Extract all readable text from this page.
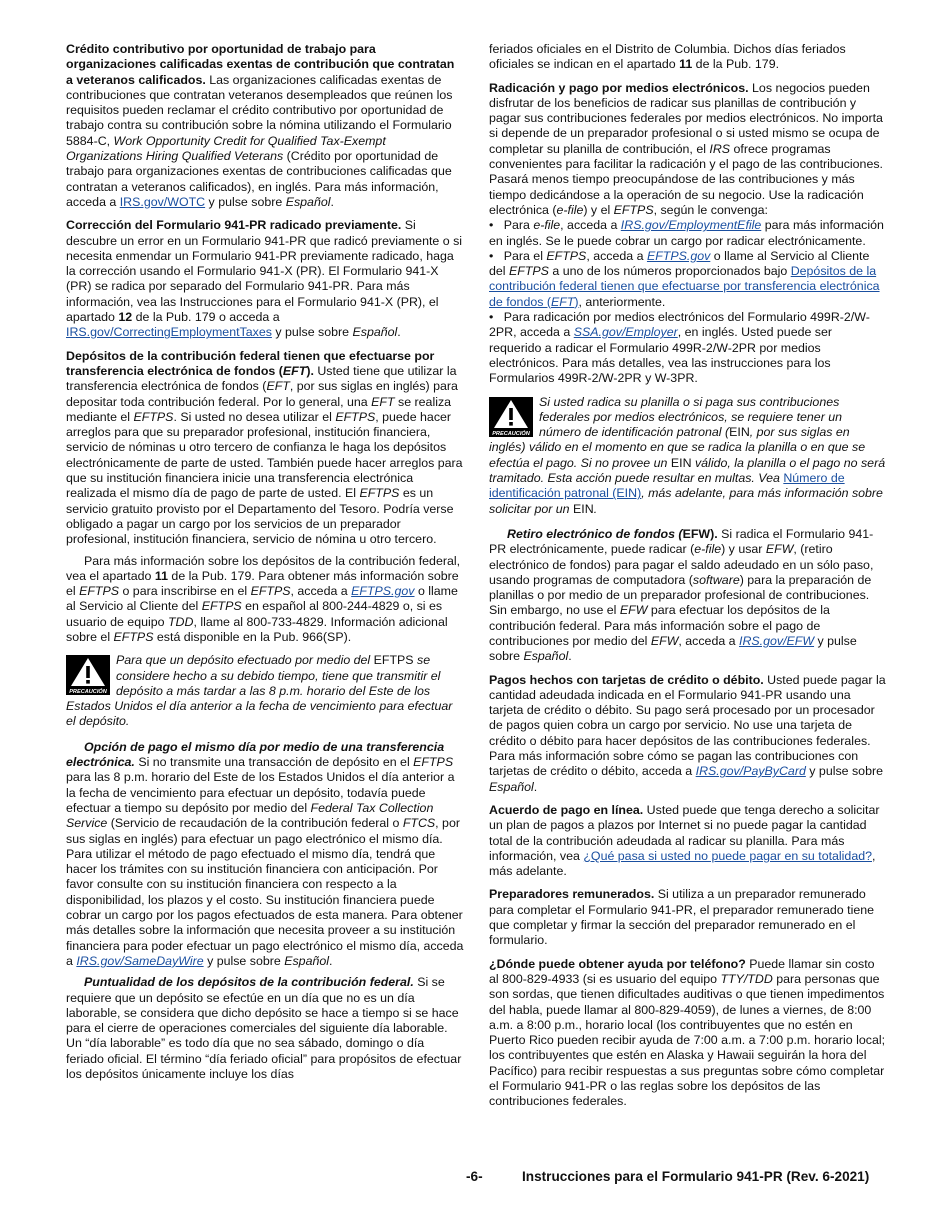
Crédito contributivo por oportunidad de trabajo para organizaciones calificadas exentas de contribución que contratan a veteranos calificados. Las organizaciones calificadas exentas de contribuciones que contratan veteranos desempleados que reúnen los requisitos pueden reclamar el crédito contributivo por oportunidad de trabajo contra su contribución sobre la nómina utilizando el Formulario 5884-C, Work Opportunity Credit for Qualified Tax-Exempt Organizations Hiring Qualified Veterans (Crédito por oportunidad de trabajo para organizaciones exentas de contribuciones calificadas que contratan a veteranos calificados), en inglés. Para más información, acceda a IRS.gov/WOTC y pulse sobre Español.

Corrección del Formulario 941-PR radicado previamente. Si descubre un error en un Formulario 941-PR que radicó previamente o si necesita enmendar un Formulario 941-PR previamente radicado, haga la corrección usando el Formulario 941-X (PR). El Formulario 941-X (PR) se radica por separado del Formulario 941-PR. Para más información, vea las Instrucciones para el Formulario 941-X (PR), el apartado 12 de la Pub. 179 o acceda a IRS.gov/CorrectingEmploymentTaxes y pulse sobre Español.

Depósitos de la contribución federal tienen que efectuarse por transferencia electrónica de fondos (EFT). Usted tiene que utilizar la transferencia electrónica de fondos (EFT, por sus siglas en inglés) para depositar toda contribución federal. Por lo general, una EFT se realiza mediante el EFTPS. Si usted no desea utilizar el EFTPS, puede hacer arreglos para que su preparador profesional, institución financiera, servicio de nóminas u otro tercero de confianza le haga los depósitos electrónicamente de parte de usted. También puede hacer arreglos para que su institución financiera inicie una transferencia electrónica realizada el mismo día de pago de parte de usted. El EFTPS es un servicio gratuito provisto por el Departamento del Tesoro. Podría verse obligado a pagar un cargo por los servicios de un preparador profesional, institución financiera, servicio de nómina u otro tercero.

Para más información sobre los depósitos de la contribución federal, vea el apartado 11 de la Pub. 179. Para obtener más información sobre el EFTPS o para inscribirse en el EFTPS, acceda a EFTPS.gov o llame al Servicio al Cliente del EFTPS en español al 800-244-4829 o, si es usuario de equipo TDD, llame al 800-733-4829. Información adicional sobre el EFTPS está disponible en la Pub. 966(SP).

PRECAUCIÓN
Para que un depósito efectuado por medio del EFTPS se considere hecho a su debido tiempo, tiene que transmitir el depósito a más tardar a las 8 p.m. horario del Este de los Estados Unidos el día anterior a la fecha de vencimiento para efectuar el depósito.

Opción de pago el mismo día por medio de una transferencia electrónica. Si no transmite una transacción de depósito en el EFTPS para las 8 p.m. horario del Este de los Estados Unidos el día anterior a la fecha de vencimiento para efectuar un depósito, todavía puede efectuar a tiempo su depósito por medio del Federal Tax Collection Service (Servicio de recaudación de la contribución federal o FTCS, por sus siglas en inglés) para efectuar un pago electrónico el mismo día. Para utilizar el método de pago efectuado el mismo día, tendrá que hacer los trámites con su institución financiera con anticipación. Por favor consulte con su institución financiera con respecto a la disponibilidad, los plazos y el costo. Su institución financiera puede cobrar un cargo por los pagos efectuados de esta manera. Para obtener más detalles sobre la información que necesita proveer a su institución financiera para poder efectuar un pago electrónico el mismo día, acceda a IRS.gov/SameDayWire y pulse sobre Español.

Puntualidad de los depósitos de la contribución federal. Si se requiere que un depósito se efectúe en un día que no es un día laborable, se considera que dicho depósito se hace a tiempo si se hace para el cierre de operaciones comerciales del siguiente día laborable. Un “día laborable” es todo día que no sea sábado, domingo o día feriado oficial. El término “día feriado oficial” para propósitos de efectuar los depósitos únicamente incluye los días

feriados oficiales en el Distrito de Columbia. Dichos días feriados oficiales se indican en el apartado 11 de la Pub. 179.

Radicación y pago por medios electrónicos. Los negocios pueden disfrutar de los beneficios de radicar sus planillas de contribución y pagar sus contribuciones federales por medios electrónicos. No importa si depende de un preparador profesional o si usted mismo se ocupa de completar su planilla de contribución, el IRS ofrece programas convenientes para facilitar la radicación y el pago de las contribuciones. Pasará menos tiempo preocupándose de las contribuciones y más tiempo dedicándose a la operación de su negocio. Use la radicación electrónica (e-file) y el EFTPS, según le convenga:

•  Para e-file, acceda a IRS.gov/EmploymentEfile para más información en inglés. Se le puede cobrar un cargo por radicar electrónicamente.

•  Para el EFTPS, acceda a EFTPS.gov o llame al Servicio al Cliente del EFTPS a uno de los números proporcionados bajo Depósitos de la contribución federal tienen que efectuarse por transferencia electrónica de fondos (EFT), anteriormente.

•  Para radicación por medios electrónicos del Formulario 499R-2/W-2PR, acceda a SSA.gov/Employer, en inglés. Usted puede ser requerido a radicar el Formulario 499R-2/W-2PR por medios electrónicos. Para más detalles, vea las instrucciones para los Formularios 499R-2/W-2PR y W-3PR.

PRECAUCIÓN
Si usted radica su planilla o si paga sus contribuciones federales por medios electrónicos, se requiere tener un número de identificación patronal (EIN, por sus siglas en inglés) válido en el momento en que se radica la planilla o en que se efectúa el pago. Si no provee un EIN válido, la planilla o el pago no será tramitado. Esta acción puede resultar en multas. Vea Número de identificación patronal (EIN), más adelante, para más información sobre solicitar por un EIN.

Retiro electrónico de fondos (EFW). Si radica el Formulario 941-PR electrónicamente, puede radicar (e-file) y usar EFW, (retiro electrónico de fondos) para pagar el saldo adeudado en un sólo paso, usando programas de computadora (software) para la preparación de planillas o por medio de un preparador profesional de contribuciones. Sin embargo, no use el EFW para efectuar los depósitos de la contribución federal. Para más información sobre el pago de contribuciones por medio del EFW, acceda a IRS.gov/EFW y pulse sobre Español.

Pagos hechos con tarjetas de crédito o débito. Usted puede pagar la cantidad adeudada indicada en el Formulario 941-PR usando una tarjeta de crédito o débito. Su pago será procesado por un procesador de pagos quien cobra un cargo por servicio. No use una tarjeta de crédito o débito para hacer depósitos de las contribuciones federales. Para más información sobre cómo se pagan las contribuciones con tarjetas de crédito o débito, acceda a IRS.gov/PayByCard y pulse sobre Español.

Acuerdo de pago en línea. Usted puede que tenga derecho a solicitar un plan de pagos a plazos por Internet si no puede pagar la cantidad total de la contribución adeudada al radicar su planilla. Para más información, vea ¿Qué pasa si usted no puede pagar en su totalidad?, más adelante.

Preparadores remunerados. Si utiliza a un preparador remunerado para completar el Formulario 941-PR, el preparador remunerado tiene que completar y firmar la sección del preparador remunerado en el formulario.

¿Dónde puede obtener ayuda por teléfono? Puede llamar sin costo al 800-829-4933 (si es usuario del equipo TTY/TDD para personas que son sordas, que tienen dificultades auditivas o que tienen impedimentos del habla, puede llamar al 800-829-4059), de lunes a viernes, de 8:00 a.m. a 8:00 p.m., horario local (los contribuyentes que no estén en Puerto Rico pueden recibir ayuda de 7:00 a.m. a 7:00 p.m. horario local; los contribuyentes que estén en Alaska y Hawaii seguirán la hora del Pacífico) para recibir respuestas a sus preguntas sobre cómo completar el Formulario 941-PR o las reglas sobre los depósitos de las contribuciones federales.

-6-	Instrucciones para el Formulario 941-PR (Rev. 6-2021)
